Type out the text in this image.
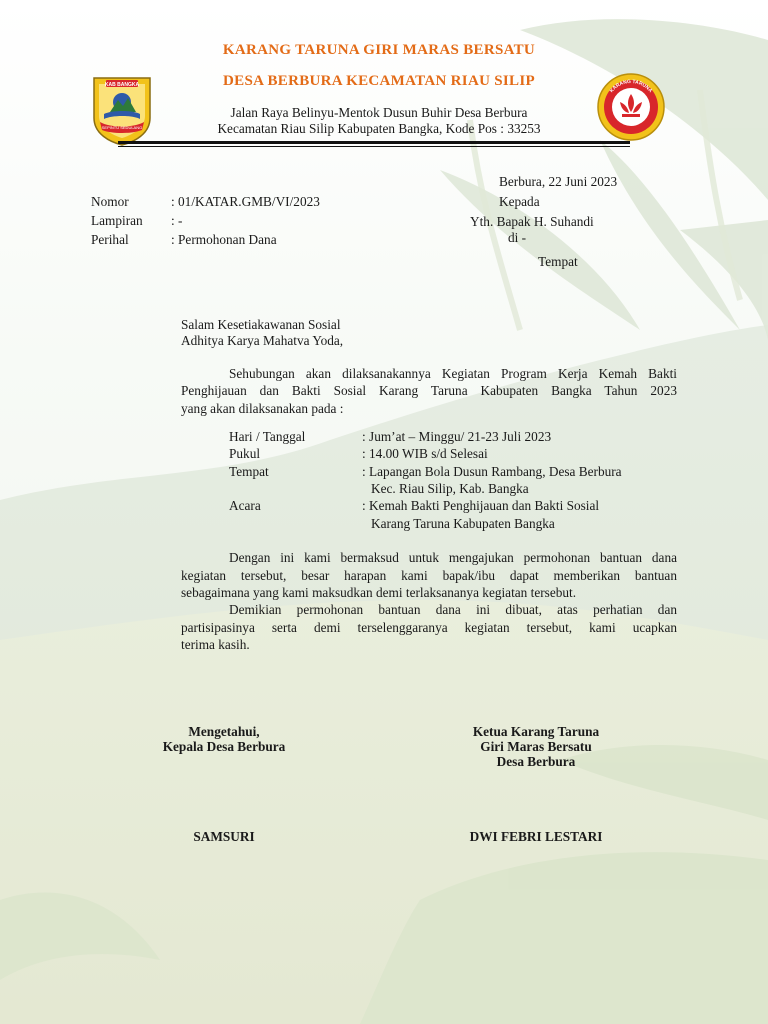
KAB BANGKA
SEPINTU SEDULANG
KARANG TARUNA
KARANG TARUNA GIRI MARAS BERSATU
DESA BERBURA KECAMATAN RIAU SILIP
Jalan Raya Belinyu-Mentok Dusun Buhir Desa Berbura
Kecamatan Riau Silip Kabupaten Bangka, Kode Pos : 33253
Nomor	: 01/KATAR.GMB/VI/2023
Lampiran : -
Perihal	: Permohonan Dana
Berbura, 22 Juni 2023
Kepada
Yth. Bapak H. Suhandi
di -
Tempat
Salam Kesetiakawanan Sosial
Adhitya Karya Mahatva Yoda,
Sehubungan akan dilaksanakannya Kegiatan Program Kerja Kemah Bakti
Penghijauan dan Bakti Sosial Karang Taruna Kabupaten Bangka Tahun 2023
yang akan dilaksanakan pada :
Hari / Tanggal	: Jum’at – Minggu/ 21-23 Juli 2023
Pukul	: 14.00 WIB s/d Selesai
Tempat	: Lapangan Bola Dusun Rambang, Desa Berbura
Kec. Riau Silip, Kab. Bangka
Acara	: Kemah Bakti Penghijauan dan Bakti Sosial
Karang Taruna Kabupaten Bangka
Dengan ini kami bermaksud untuk mengajukan permohonan bantuan dana
kegiatan tersebut, besar harapan kami bapak/ibu dapat memberikan bantuan
sebagaimana yang kami maksudkan demi terlaksananya kegiatan tersebut.
Demikian permohonan bantuan dana ini dibuat, atas perhatian dan
partisipasinya serta demi terselenggaranya kegiatan tersebut, kami ucapkan
terima kasih.
Mengetahui,
Kepala Desa Berbura
SAMSURI
Ketua Karang Taruna
Giri Maras Bersatu
Desa Berbura
DWI FEBRI LESTARI
